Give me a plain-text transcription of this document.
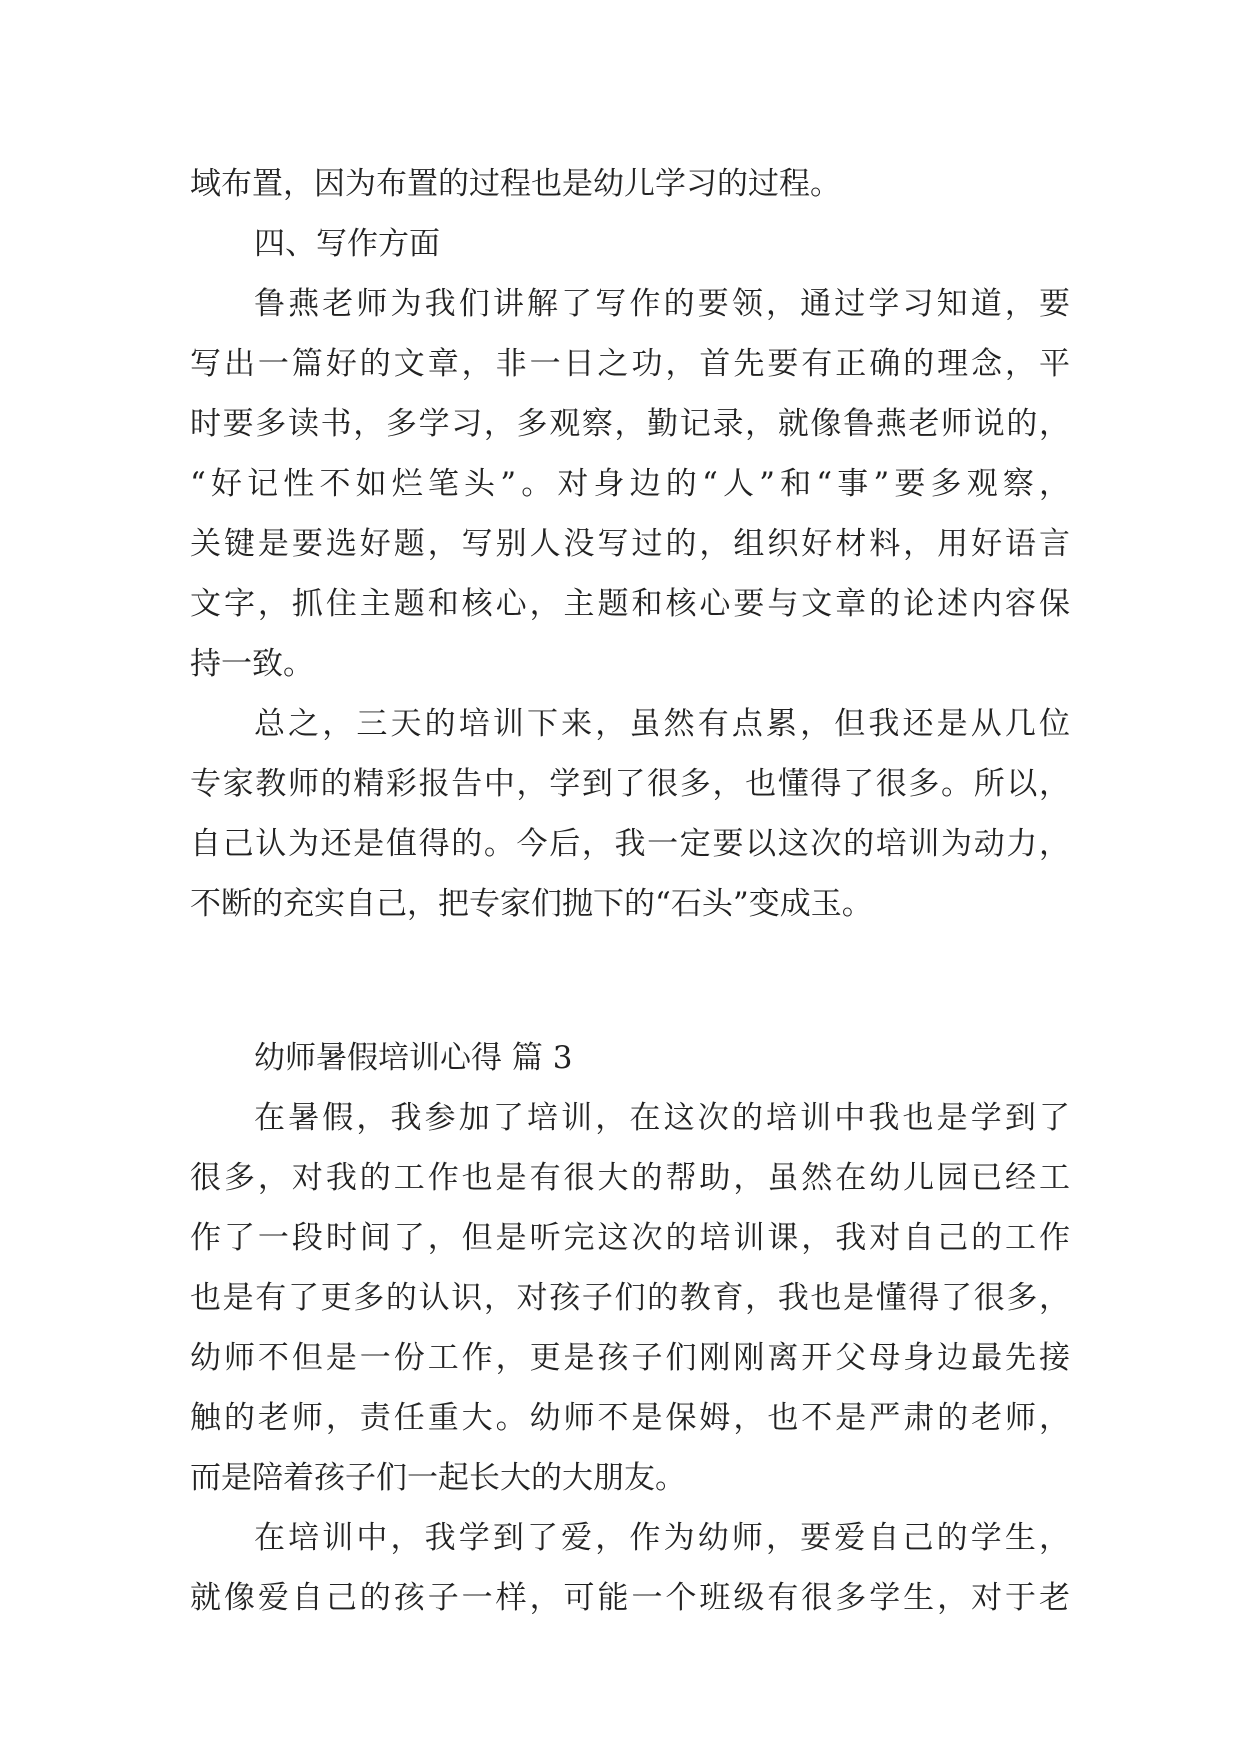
域布置，因为布置的过程也是幼儿学习的过程。
四、写作方面
鲁燕老师为我们讲解了写作的要领，通过学习知道，要
写出一篇好的文章，非一日之功，首先要有正确的理念，平
时要多读书，多学习，多观察，勤记录，就像鲁燕老师说的，
“好记性不如烂笔头”。对身边的“人”和“事”要多观察，
关键是要选好题，写别人没写过的，组织好材料，用好语言
文字，抓住主题和核心，主题和核心要与文章的论述内容保
持一致。
总之，三天的培训下来，虽然有点累，但我还是从几位
专家教师的精彩报告中，学到了很多，也懂得了很多。所以，
自己认为还是值得的。今后，我一定要以这次的培训为动力，
不断的充实自己，把专家们抛下的“石头”变成玉。
幼师暑假培训心得 篇 3
在暑假，我参加了培训，在这次的培训中我也是学到了
很多，对我的工作也是有很大的帮助，虽然在幼儿园已经工
作了一段时间了，但是听完这次的培训课，我对自己的工作
也是有了更多的认识，对孩子们的教育，我也是懂得了很多，
幼师不但是一份工作，更是孩子们刚刚离开父母身边最先接
触的老师，责任重大。幼师不是保姆，也不是严肃的老师，
而是陪着孩子们一起长大的大朋友。
在培训中，我学到了爱，作为幼师，要爱自己的学生，
就像爱自己的孩子一样，可能一个班级有很多学生，对于老
